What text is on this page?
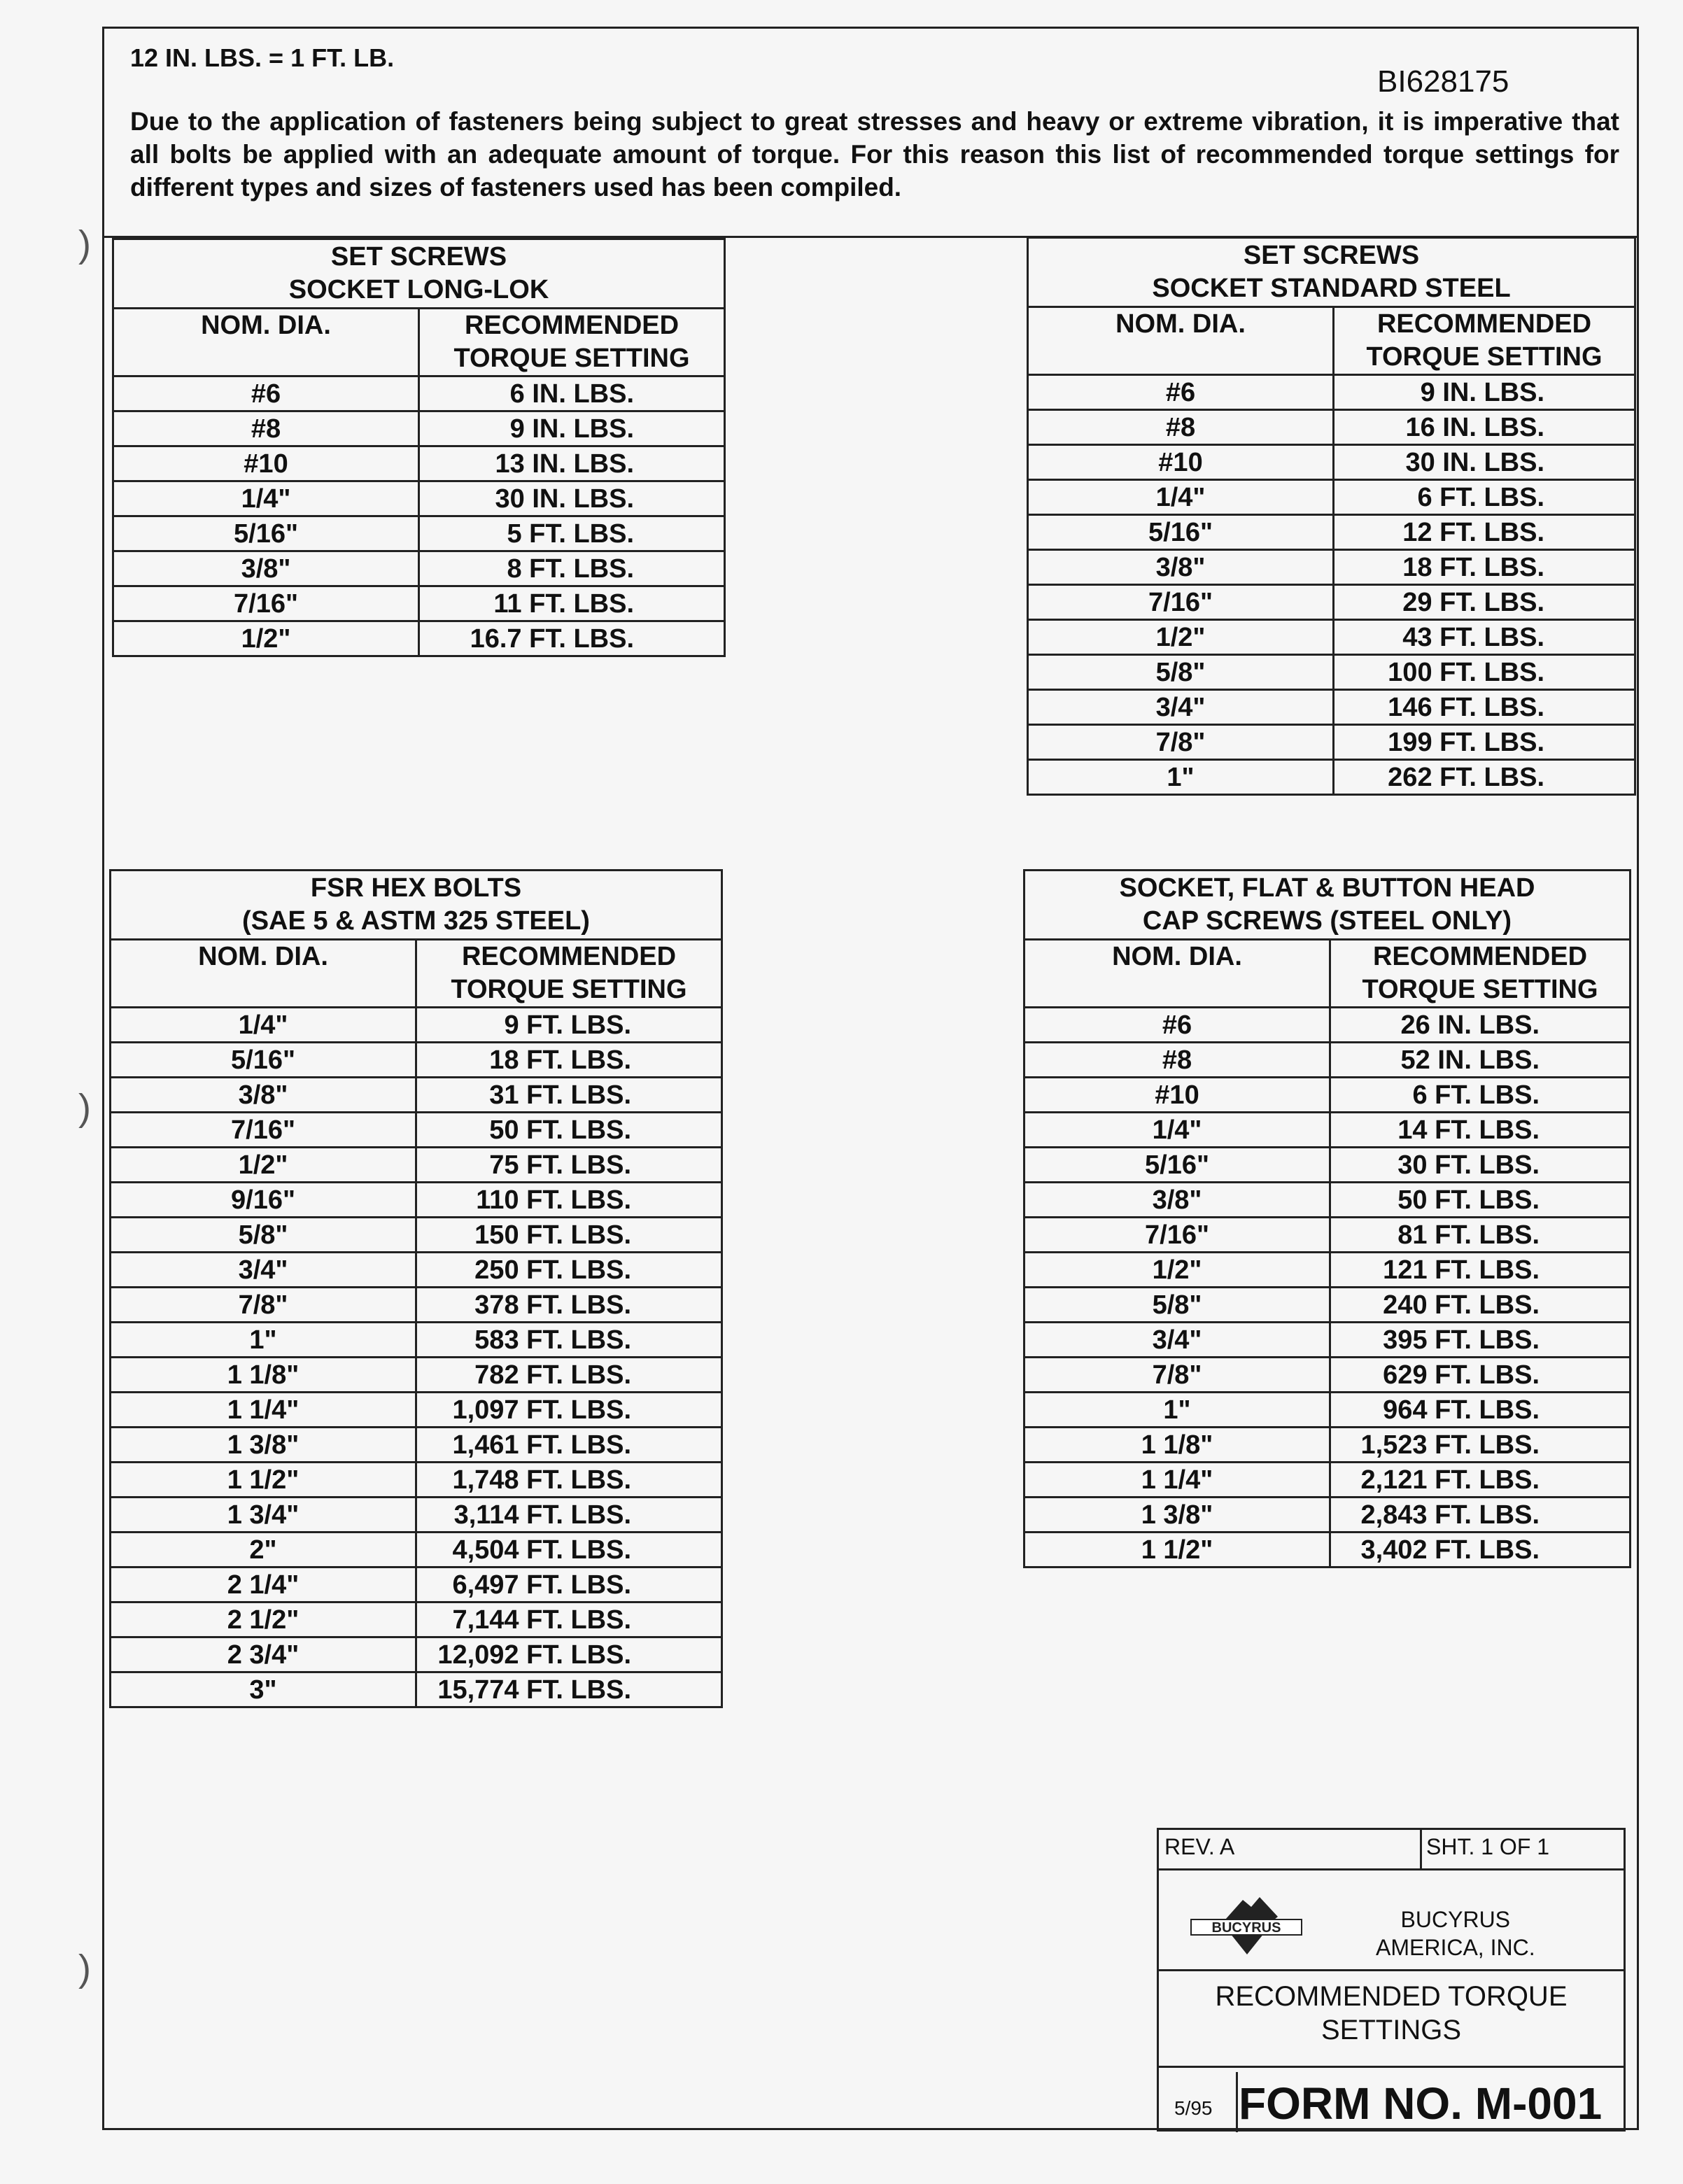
12 IN. LBS. = 1 FT. LB.
BI628175
Due to the application of fasteners being subject to great stresses and heavy or extreme vibration, it is imperative that all bolts be applied with an adequate amount of torque. For this reason this list of recommended torque settings for different types and sizes of fasteners used has been compiled.
SET SCREWS
SOCKET LONG-LOK	

NOM. DIA.	RECOMMENDED
TORQUE SETTING

#6	6 IN. LBS.
#8	9 IN. LBS.
#10	13 IN. LBS.
1/4"	30 IN. LBS.
5/16"	5 FT. LBS.
3/8"	8 FT. LBS.
7/16"	11 FT. LBS.
1/2"	16.7 FT. LBS.
SET SCREWS
SOCKET STANDARD STEEL	

NOM. DIA.	RECOMMENDED
TORQUE SETTING

#6	9 IN. LBS.
#8	16 IN. LBS.
#10	30 IN. LBS.
1/4"	6 FT. LBS.
5/16"	12 FT. LBS.
3/8"	18 FT. LBS.
7/16"	29 FT. LBS.
1/2"	43 FT. LBS.
5/8"	100 FT. LBS.
3/4"	146 FT. LBS.
7/8"	199 FT. LBS.
1"	262 FT. LBS.
FSR HEX BOLTS
(SAE 5 & ASTM 325 STEEL)	

NOM. DIA.	RECOMMENDED
TORQUE SETTING

1/4"	9 FT. LBS.
5/16"	18 FT. LBS.
3/8"	31 FT. LBS.
7/16"	50 FT. LBS.
1/2"	75 FT. LBS.
9/16"	110 FT. LBS.
5/8"	150 FT. LBS.
3/4"	250 FT. LBS.
7/8"	378 FT. LBS.
1"	583 FT. LBS.
1 1/8"	782 FT. LBS.
1 1/4"	1,097 FT. LBS.
1 3/8"	1,461 FT. LBS.
1 1/2"	1,748 FT. LBS.
1 3/4"	3,114 FT. LBS.
2"	4,504 FT. LBS.
2 1/4"	6,497 FT. LBS.
2 1/2"	7,144 FT. LBS.
2 3/4"	12,092 FT. LBS.
3"	15,774 FT. LBS.
SOCKET, FLAT & BUTTON HEAD
CAP SCREWS (STEEL ONLY)	

NOM. DIA.	RECOMMENDED
TORQUE SETTING

#6	26 IN. LBS.
#8	52 IN. LBS.
#10	6 FT. LBS.
1/4"	14 FT. LBS.
5/16"	30 FT. LBS.
3/8"	50 FT. LBS.
7/16"	81 FT. LBS.
1/2"	121 FT. LBS.
5/8"	240 FT. LBS.
3/4"	395 FT. LBS.
7/8"	629 FT. LBS.
1"	964 FT. LBS.
1 1/8"	1,523 FT. LBS.
1 1/4"	2,121 FT. LBS.
1 3/8"	2,843 FT. LBS.
1 1/2"	3,402 FT. LBS.
REV. A	SHT. 1 OF 1
BUCYRUS	BUCYRUS
AMERICA, INC.
RECOMMENDED TORQUE
SETTINGS
5/95 FORM NO. M-001
)
)
)
